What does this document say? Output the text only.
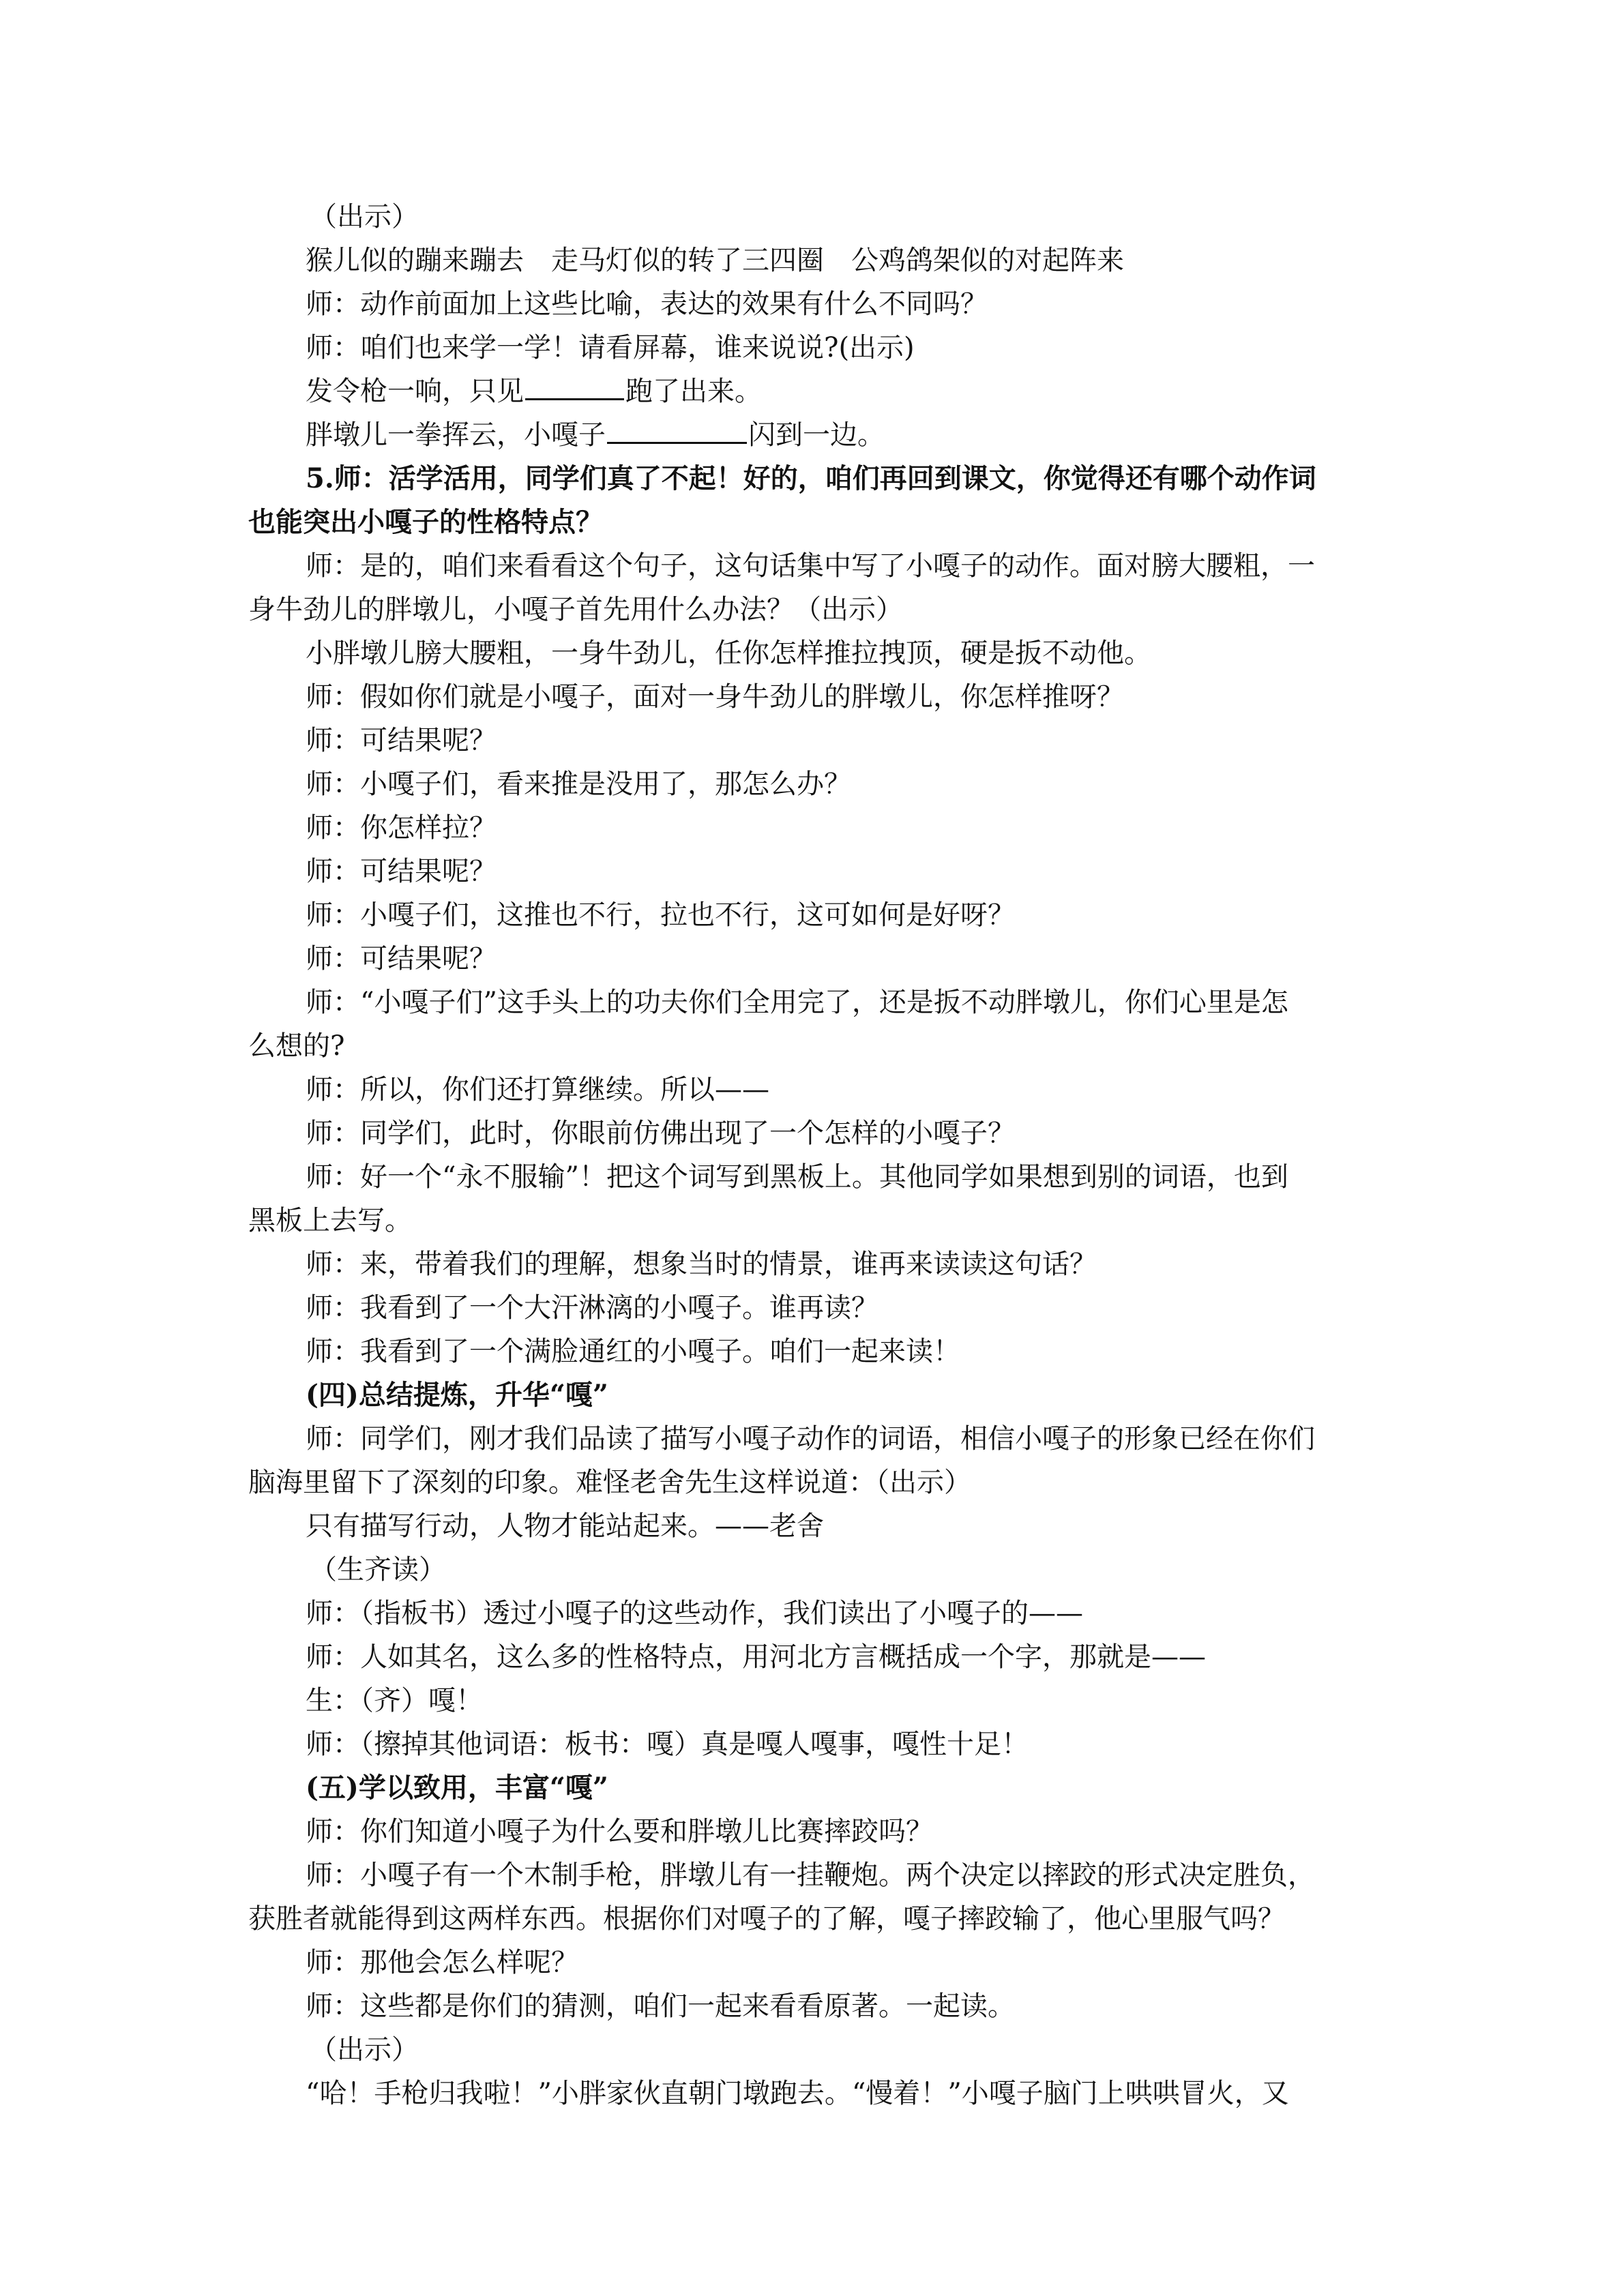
（出示）
猴儿似的蹦来蹦去　走马灯似的转了三四圈　公鸡鸽架似的对起阵来
师：动作前面加上这些比喻，表达的效果有什么不同吗？
师：咱们也来学一学！请看屏幕，谁来说说?(出示)
发令枪一响，只见	跑了出来。
胖墩儿一拳挥云，小嘎子	闪到一边。
5.师：活学活用，同学们真了不起！好的，咱们再回到课文，你觉得还有哪个动作词
也能突出小嘎子的性格特点？
师：是的，咱们来看看这个句子，这句话集中写了小嘎子的动作。面对膀大腰粗，一
身牛劲儿的胖墩儿，小嘎子首先用什么办法？（出示）
小胖墩儿膀大腰粗，一身牛劲儿，任你怎样推拉拽顶，硬是扳不动他。
师：假如你们就是小嘎子，面对一身牛劲儿的胖墩儿，你怎样推呀？
师：可结果呢？
师：小嘎子们，看来推是没用了，那怎么办？
师：你怎样拉？
师：可结果呢？
师：小嘎子们，这推也不行，拉也不行，这可如何是好呀？
师：可结果呢？
师：“小嘎子们”这手头上的功夫你们全用完了，还是扳不动胖墩儿，你们心里是怎
么想的?
师：所以，你们还打算继续。所以——
师：同学们，此时，你眼前仿佛出现了一个怎样的小嘎子？
师：好一个“永不服输”！把这个词写到黑板上。其他同学如果想到别的词语，也到
黑板上去写。
师：来，带着我们的理解，想象当时的情景，谁再来读读这句话？
师：我看到了一个大汗淋漓的小嘎子。谁再读？
师：我看到了一个满脸通红的小嘎子。咱们一起来读！
(四)总结提炼，升华“嘎”
师：同学们，刚才我们品读了描写小嘎子动作的词语，相信小嘎子的形象已经在你们
脑海里留下了深刻的印象。难怪老舍先生这样说道：（出示）
只有描写行动，人物才能站起来。——老舍
（生齐读）
师：（指板书）透过小嘎子的这些动作，我们读出了小嘎子的——
师：人如其名，这么多的性格特点，用河北方言概括成一个字，那就是——
生：（齐）嘎！
师：（擦掉其他词语：板书：嘎）真是嘎人嘎事，嘎性十足！
(五)学以致用，丰富“嘎”
师：你们知道小嘎子为什么要和胖墩儿比赛摔跤吗？
师：小嘎子有一个木制手枪，胖墩儿有一挂鞭炮。两个决定以摔跤的形式决定胜负，
获胜者就能得到这两样东西。根据你们对嘎子的了解，嘎子摔跤输了，他心里服气吗？
师：那他会怎么样呢？
师：这些都是你们的猜测，咱们一起来看看原著。一起读。
（出示）
“哈！手枪归我啦！”小胖家伙直朝门墩跑去。“慢着！”小嘎子脑门上哄哄冒火，又
